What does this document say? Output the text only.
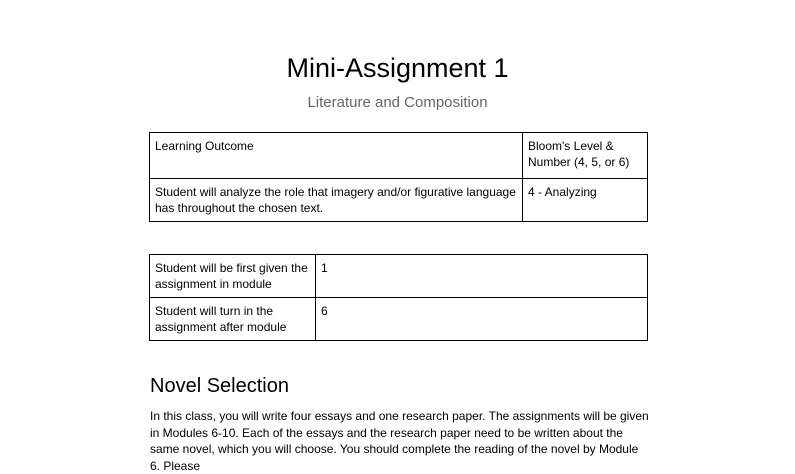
Mini-Assignment 1
Literature and Composition
Learning Outcome	Bloom's Level & Number (4, 5, or 6)
Student will analyze the role that imagery and/or figurative language has throughout the chosen text.	4 - Analyzing
Student will be first given the assignment in module	1
Student will turn in the assignment after module	6
Novel Selection
In this class, you will write four essays and one research paper. The assignments will be given in Modules 6-10. Each of the essays and the research paper need to be written about the same novel, which you will choose. You should complete the reading of the novel by Module 6. Please
